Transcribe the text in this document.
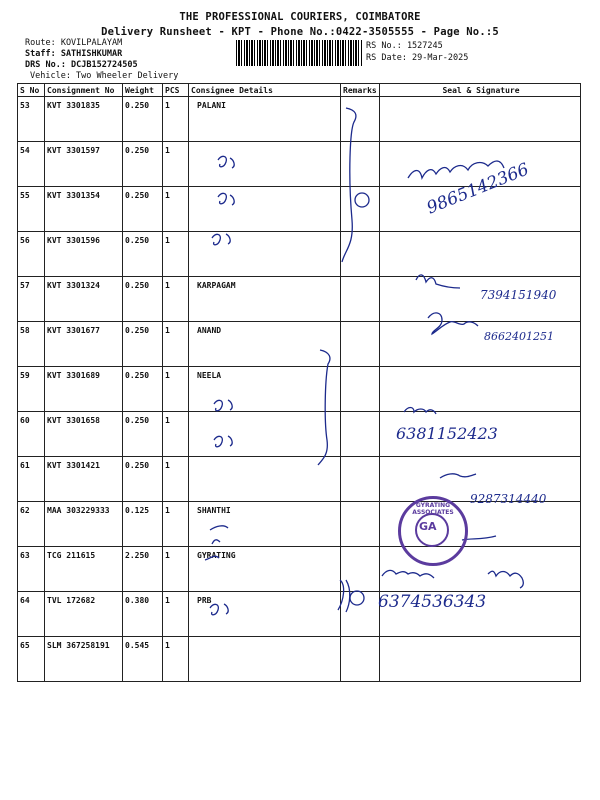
THE PROFESSIONAL COURIERS, COIMBATORE
Delivery Runsheet - KPT - Phone No.:0422-3505555 - Page No.:5
Route: KOVILPALAYAM
Staff: SATHISHKUMAR
DRS No.: DCJB152724505
Vehicle: Two Wheeler Delivery
RS No.: 1527245
RS Date: 29-Mar-2025
S No	Consignment No	Weight	PCS	Consignee Details	Remarks	Seal & Signature
53	KVT 3301835	0.250	1	PALANI		
54	KVT 3301597	0.250	1			
55	KVT 3301354	0.250	1			
56	KVT 3301596	0.250	1			
57	KVT 3301324	0.250	1	KARPAGAM		
58	KVT 3301677	0.250	1	ANAND		
59	KVT 3301689	0.250	1	NEELA		
60	KVT 3301658	0.250	1			
61	KVT 3301421	0.250	1			
62	MAA 303229333	0.125	1	SHANTHI		
63	TCG 211615	2.250	1	GYRATING		
64	TVL 172682	0.380	1	PRB		
65	SLM 367258191	0.545	1			
9865142366
7394151940
8662401251
6381152423
9287314440
6374536343
GA
GYRATING ASSOCIATES
